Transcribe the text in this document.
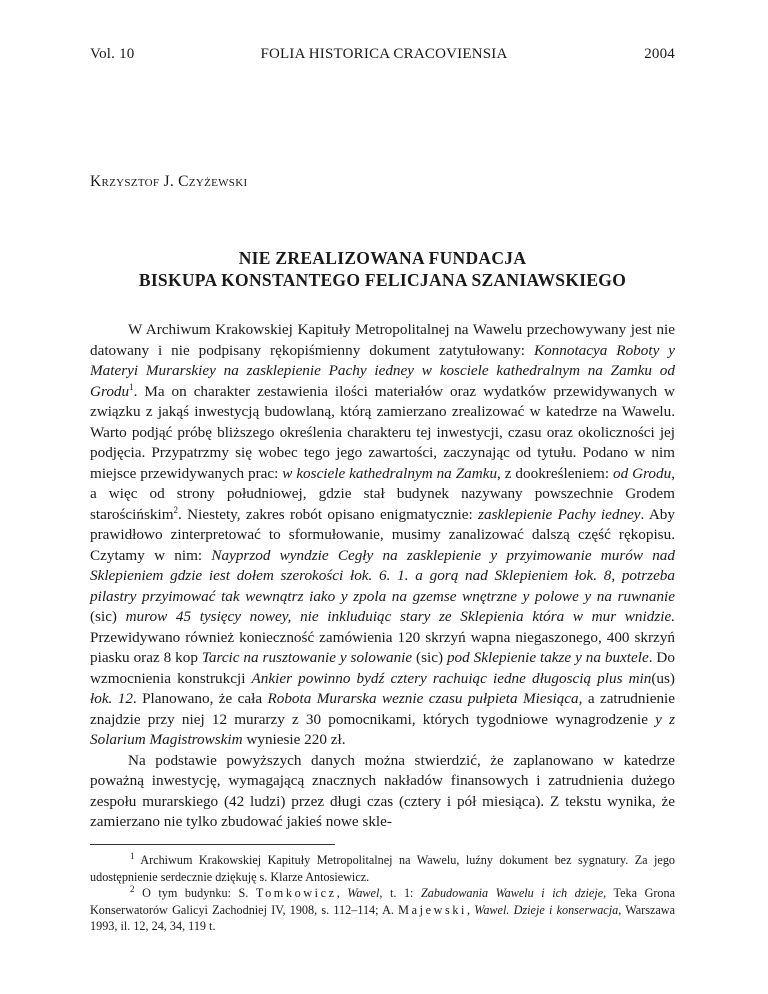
Vol. 10	FOLIA HISTORICA CRACOVIENSIA	2004
Krzysztof J. Czyżewski
NIE ZREALIZOWANA FUNDACJA
BISKUPA KONSTANTEGO FELICJANA SZANIAWSKIEGO

W Archiwum Krakowskiej Kapituły Metropolitalnej na Wawelu przechowywany jest nie datowany i nie podpisany rękopiśmienny dokument zatytułowany: Konnotacya Roboty y Materyi Murarskiey na zasklepienie Pachy iedney w kosciele kathedralnym na Zamku od Grodu$^1$. Ma on charakter zestawienia ilości materiałów oraz wydatków przewidywanych w związku z jakąś inwestycją budowlaną, którą zamierzano zrealizować w katedrze na Wawelu. Warto podjąć próbę bliższego określenia charakteru tej inwestycji, czasu oraz okoliczności jej podjęcia. Przypatrzmy się wobec tego jego zawartości, zaczynając od tytułu. Podano w nim miejsce przewidywanych prac: w kosciele kathedralnym na Zamku, z dookreśleniem: od Grodu, a więc od strony południowej, gdzie stał budynek nazywany powszechnie Grodem starościńskim$^2$. Niestety, zakres robót opisano enigmatycznie: zasklepienie Pachy iedney. Aby prawidłowo zinterpretować to sformułowanie, musimy zanalizować dalszą część rękopisu. Czytamy w nim: Nayprzod wyndzie Cegły na zasklepienie y przyimowanie murów nad Sklepieniem gdzie iest dołem szerokości łok. 6. 1. a gorą nad Sklepieniem łok. 8, potrzeba pilastry przyimować tak wewnątrz iako y zpola na gzemse wnętrzne y polowe y na ruwnanie (sic) murow 45 tysięcy nowey, nie inkluduiąc stary ze Sklepienia która w mur wnidzie. Przewidywano również konieczność zamówienia 120 skrzyń wapna niegaszonego, 400 skrzyń piasku oraz 8 kop Tarcic na rusztowanie y solowanie (sic) pod Sklepienie takze y na buxtele. Do wzmocnienia konstrukcji Ankier powinno bydź cztery rachuiąc iedne długoscią plus min(us) łok. 12. Planowano, że cała Robota Murarska weznie czasu pułpieta Miesiąca, a zatrudnienie znajdzie przy niej 12 murarzy z 30 pomocnikami, których tygodniowe wynagrodzenie y z Solarium Magistrowskim wyniesie 220 zł.

Na podstawie powyższych danych można stwierdzić, że zaplanowano w katedrze poważną inwestycję, wymagającą znacznych nakładów finansowych i zatrudnienia dużego zespołu murarskiego (42 ludzi) przez długi czas (cztery i pół miesiąca). Z tekstu wynika, że zamierzano nie tylko zbudować jakieś nowe skle-

$^1$ Archiwum Krakowskiej Kapituły Metropolitalnej na Wawelu, luźny dokument bez sygnatury. Za jego udostępnienie serdecznie dziękuję s. Klarze Antosiewicz.

$^2$ O tym budynku: S. Tomkowicz, Wawel, t. 1: Zabudowania Wawelu i ich dzieje, Teka Grona Konserwatorów Galicyi Zachodniej IV, 1908, s. 112–114; A. Majewski, Wawel. Dzieje i konserwacja, Warszawa 1993, il. 12, 24, 34, 119 t.
